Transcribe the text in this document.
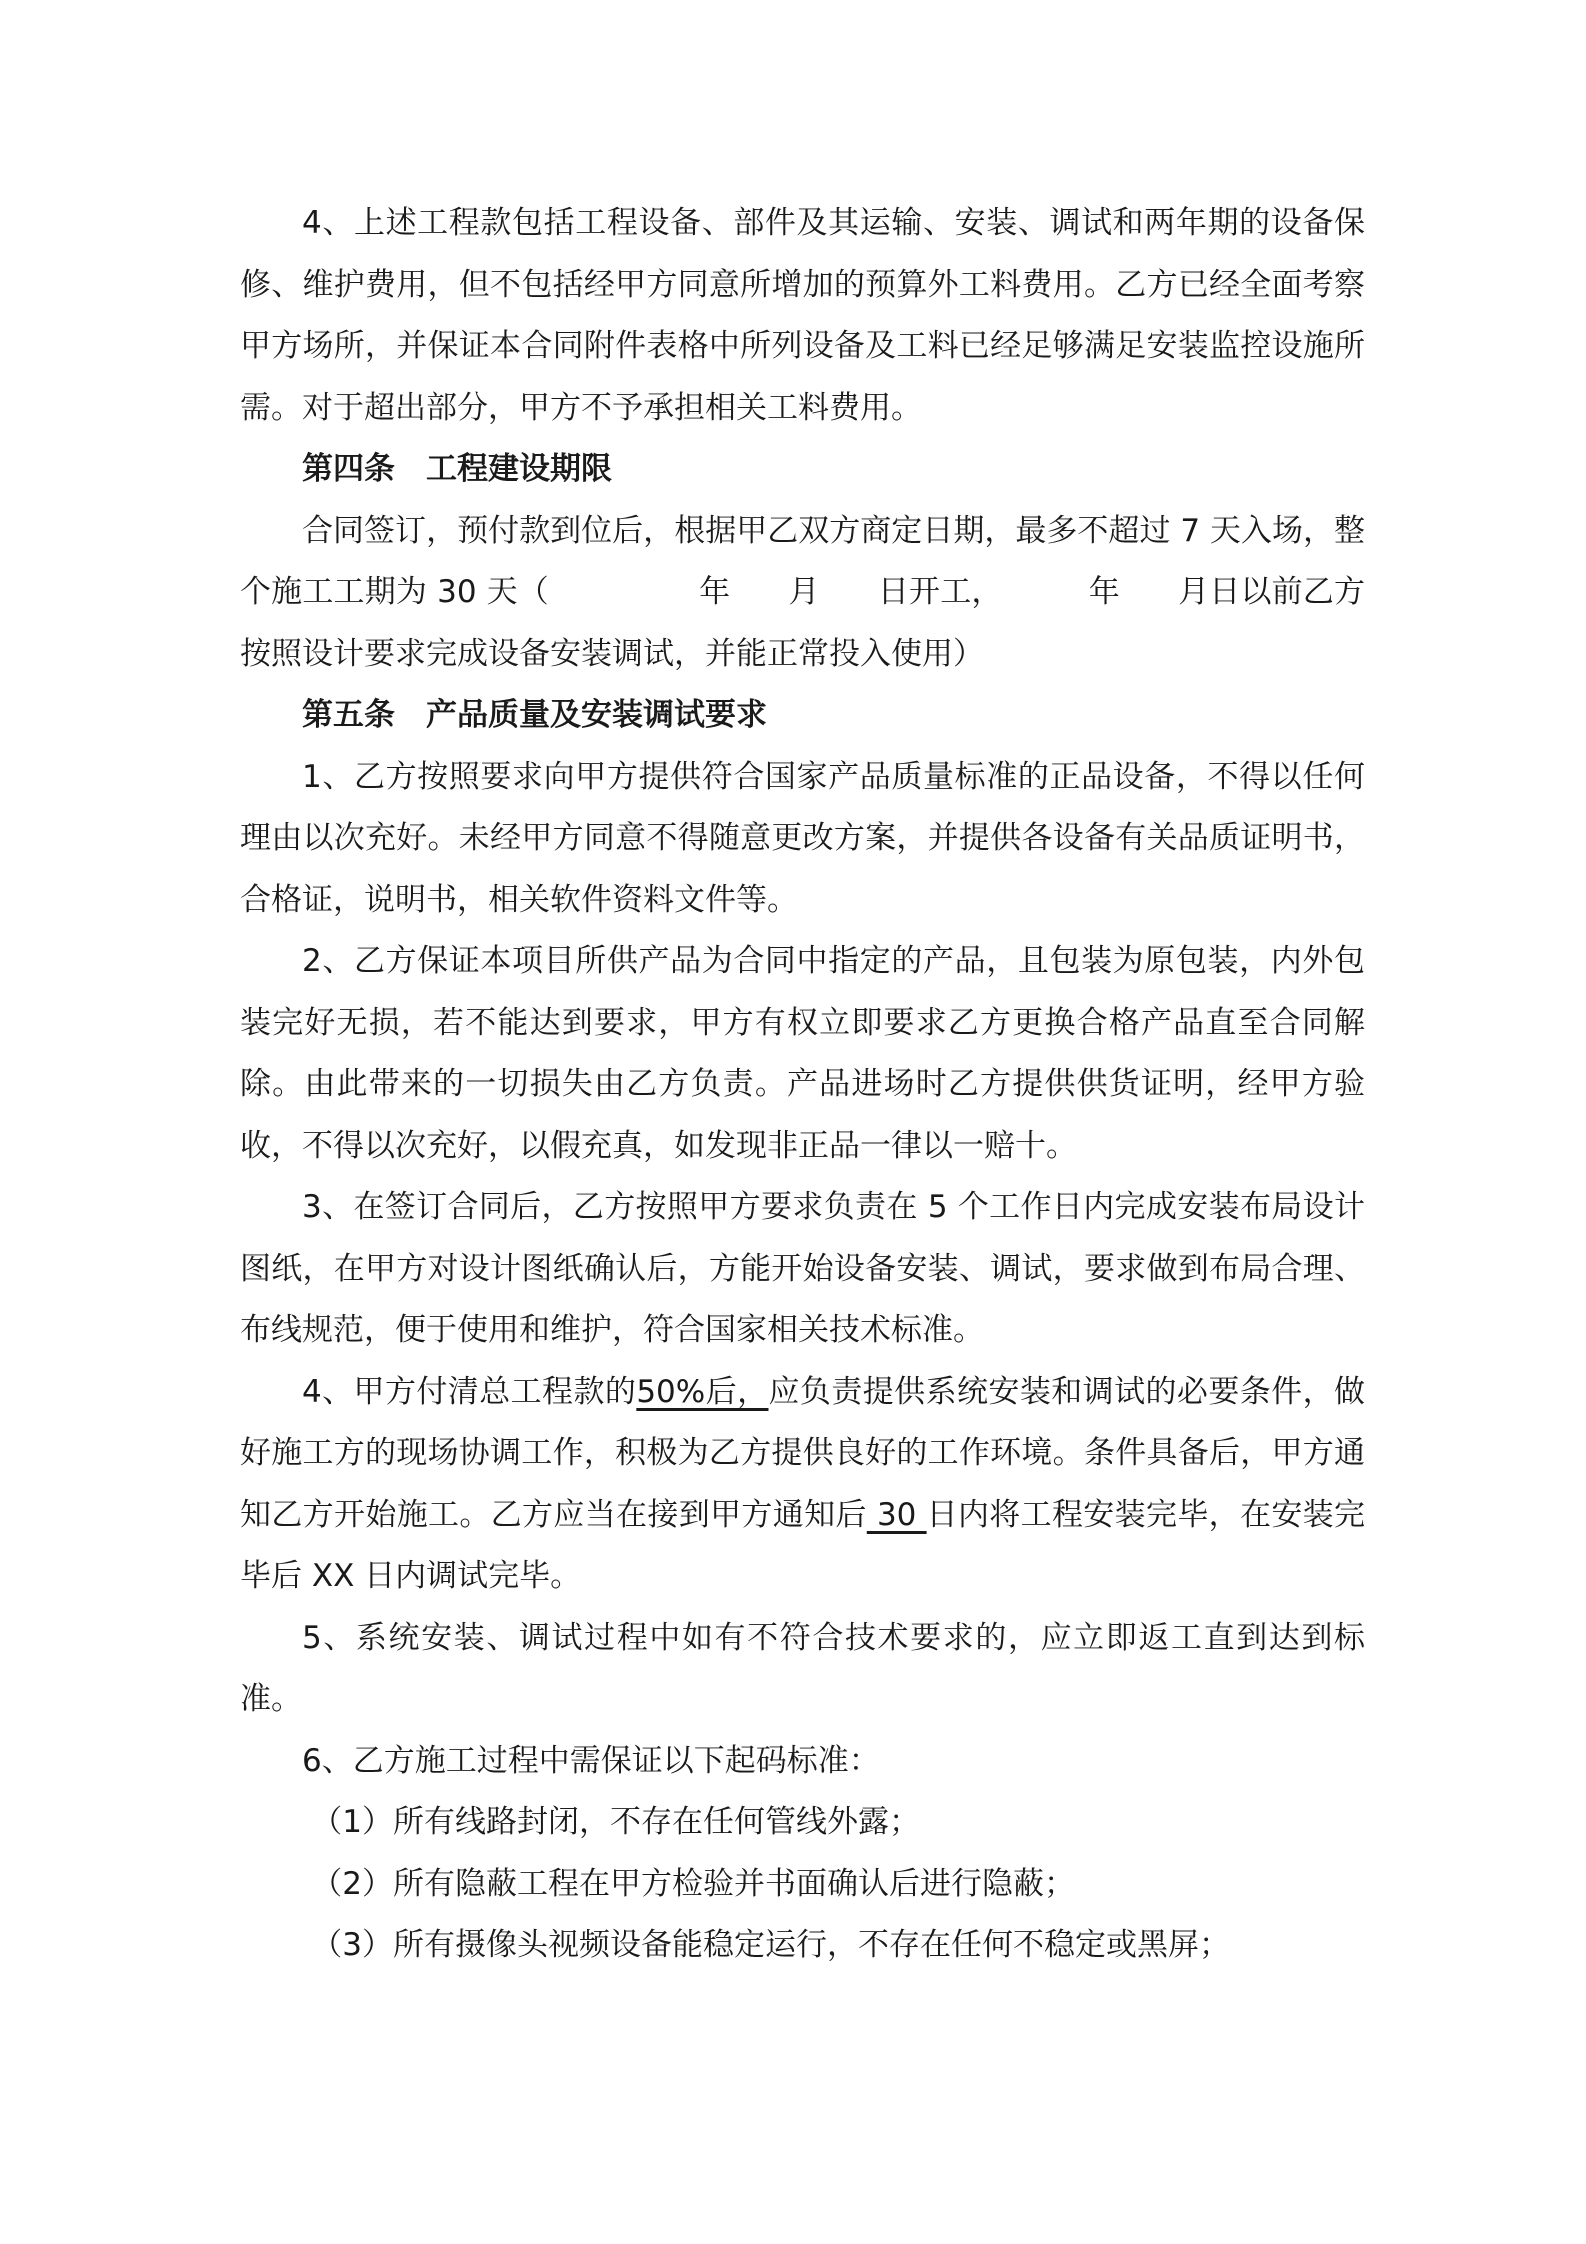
4、上述工程款包括工程设备、部件及其运输、安装、调试和两年期的设备保修、维护费用，但不包括经甲方同意所增加的预算外工料费用。乙方已经全面考察甲方场所，并保证本合同附件表格中所列设备及工料已经足够满足安装监控设施所需。对于超出部分，甲方不予承担相关工料费用。

第四条　工程建设期限

合同签订，预付款到位后，根据甲乙双方商定日期，最多不超过 7 天入场，整个施工工期为 30 天（	年 月 日开工，	年 月日以前乙方按照设计要求完成设备安装调试，并能正常投入使用）

第五条　产品质量及安装调试要求

1、乙方按照要求向甲方提供符合国家产品质量标准的正品设备，不得以任何理由以次充好。未经甲方同意不得随意更改方案，并提供各设备有关品质证明书，合格证，说明书，相关软件资料文件等。

2、乙方保证本项目所供产品为合同中指定的产品，且包装为原包装，内外包装完好无损，若不能达到要求，甲方有权立即要求乙方更换合格产品直至合同解除。由此带来的一切损失由乙方负责。产品进场时乙方提供供货证明，经甲方验收，不得以次充好，以假充真，如发现非正品一律以一赔十。

3、在签订合同后，乙方按照甲方要求负责在 5 个工作日内完成安装布局设计图纸，在甲方对设计图纸确认后，方能开始设备安装、调试，要求做到布局合理、布线规范，便于使用和维护，符合国家相关技术标准。

4、甲方付清总工程款的50%后，应负责提供系统安装和调试的必要条件，做好施工方的现场协调工作，积极为乙方提供良好的工作环境。条件具备后，甲方通知乙方开始施工。乙方应当在接到甲方通知后 30 日内将工程安装完毕，在安装完毕后 XX 日内调试完毕。

5、系统安装、调试过程中如有不符合技术要求的，应立即返工直到达到标准。

6、乙方施工过程中需保证以下起码标准：

（1）所有线路封闭，不存在任何管线外露；

（2）所有隐蔽工程在甲方检验并书面确认后进行隐蔽；

（3）所有摄像头视频设备能稳定运行，不存在任何不稳定或黑屏；
